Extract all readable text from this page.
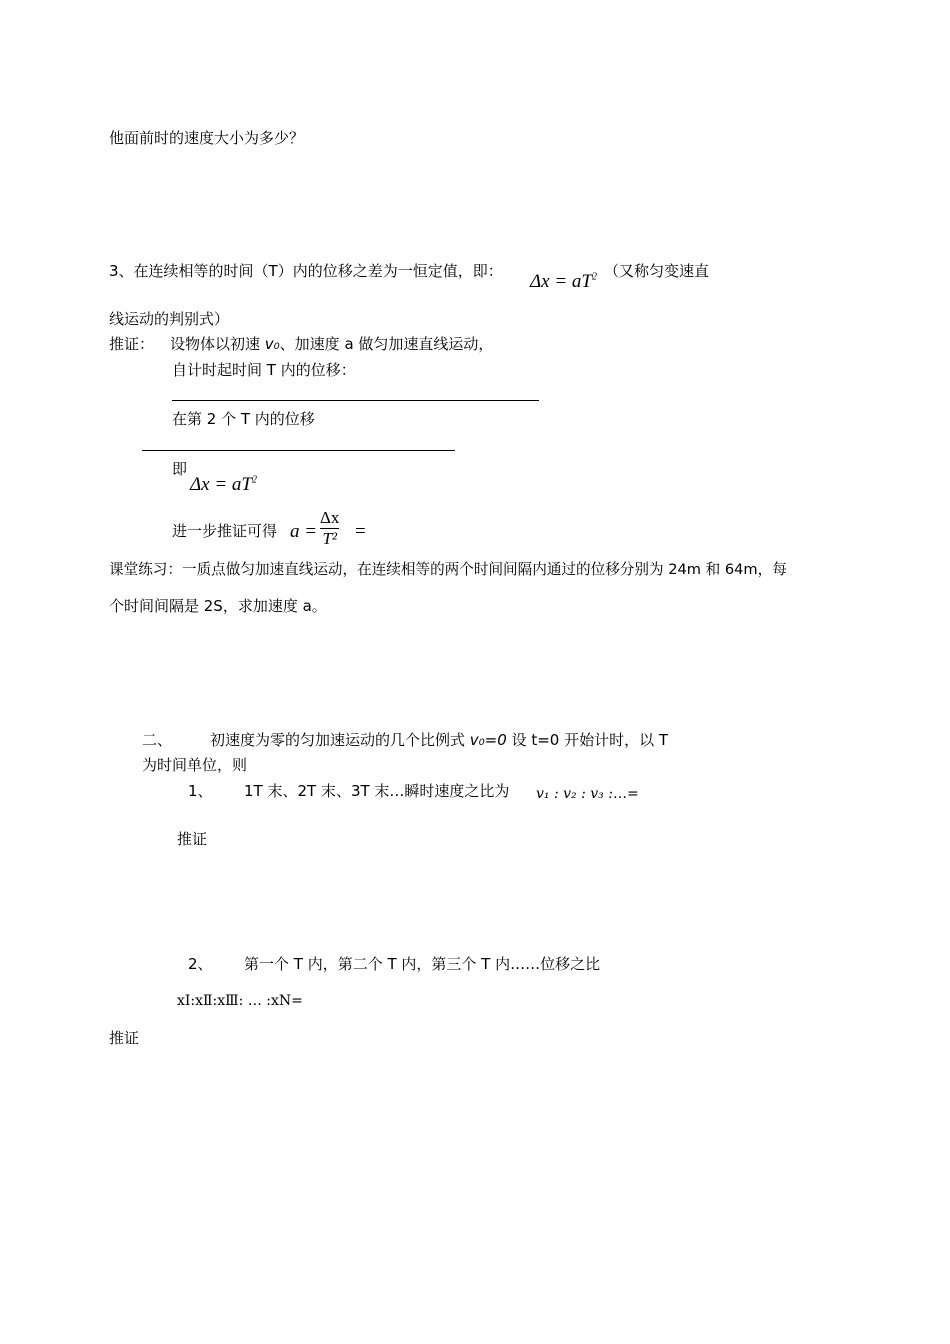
他面前时的速度大小为多少？
3、在连续相等的时间（T）内的位移之差为一恒定值，即： $\Delta x = aT^2$ （又称匀变速直
线运动的判别式）
推证： 设物体以初速 v₀、加速度 a 做匀加速直线运动，
自计时起时间 T 内的位移：
在第 2 个 T 内的位移
即
$\Delta x = aT^2$
进一步推证可得 a =
Δx
T² =
课堂练习：一质点做匀加速直线运动，在连续相等的两个时间间隔内通过的位移分别为 24m 和 64m，每
个时间间隔是 2S，求加速度 a。
二、	初速度为零的匀加速运动的几个比例式 v₀=0 设 t=0 开始计时，以 T
为时间单位，则
1、 1T 末、2T 末、3T 末…瞬时速度之比为 v₁ : v₂ : v₃ :…=
推证
2、 第一个 T 内，第二个 T 内，第三个 T 内……位移之比
xⅠ:xⅡ:xⅢ: … :xN=
推证
